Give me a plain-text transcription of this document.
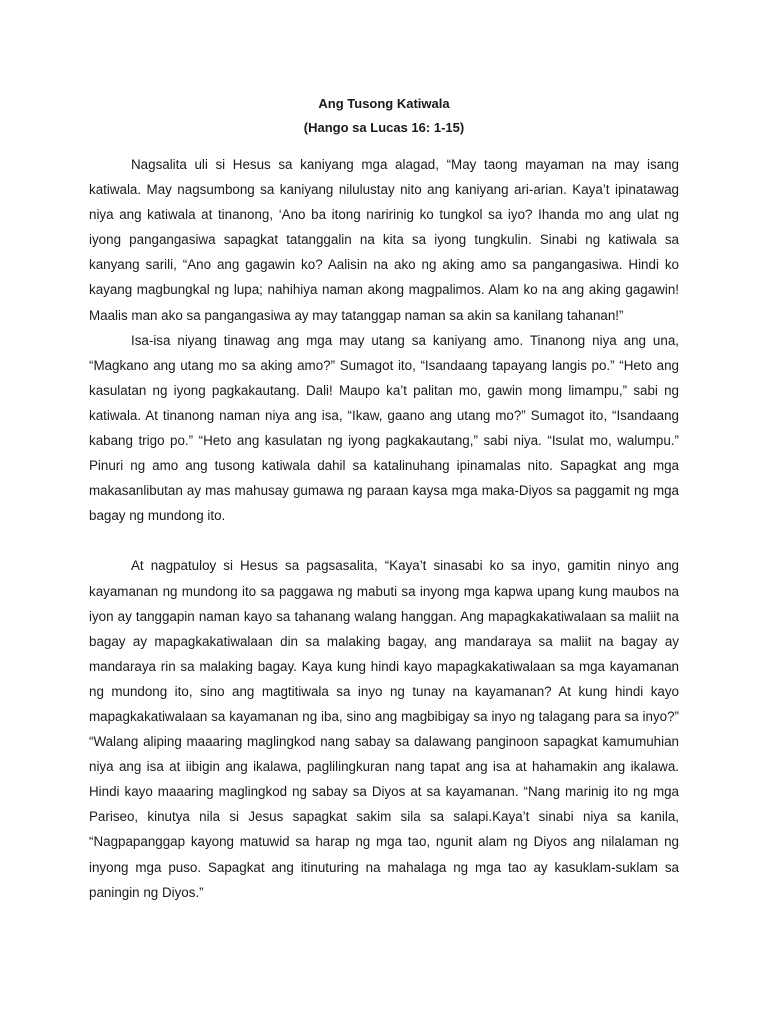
Ang Tusong Katiwala
(Hango sa Lucas 16: 1-15)

Nagsalita uli si Hesus sa kaniyang mga alagad, “May taong mayaman na may isang katiwala. May nagsumbong sa kaniyang nilulustay nito ang kaniyang ari-arian. Kaya’t ipinatawag niya ang katiwala at tinanong, ‘Ano ba itong naririnig ko tungkol sa iyo? Ihanda mo ang ulat ng iyong pangangasiwa sapagkat tatanggalin na kita sa iyong tungkulin. Sinabi ng katiwala sa kanyang sarili, “Ano ang gagawin ko? Aalisin na ako ng aking amo sa pangangasiwa. Hindi ko kayang magbungkal ng lupa; nahihiya naman akong magpalimos. Alam ko na ang aking gagawin! Maalis man ako sa pangangasiwa ay may tatanggap naman sa akin sa kanilang tahanan!”

Isa-isa niyang tinawag ang mga may utang sa kaniyang amo. Tinanong niya ang una, “Magkano ang utang mo sa aking amo?” Sumagot ito, “Isandaang tapayang langis po.” “Heto ang kasulatan ng iyong pagkakautang. Dali! Maupo ka’t palitan mo, gawin mong limampu,” sabi ng katiwala. At tinanong naman niya ang isa, “Ikaw, gaano ang utang mo?” Sumagot ito, “Isandaang kabang trigo po.” “Heto ang kasulatan ng iyong pagkakautang,” sabi niya. “Isulat mo, walumpu.” Pinuri ng amo ang tusong katiwala dahil sa katalinuhang ipinamalas nito. Sapagkat ang mga makasanlibutan ay mas mahusay gumawa ng paraan kaysa mga maka-Diyos sa paggamit ng mga bagay ng mundong ito.

At nagpatuloy si Hesus sa pagsasalita, “Kaya’t sinasabi ko sa inyo, gamitin ninyo ang kayamanan ng mundong ito sa paggawa ng mabuti sa inyong mga kapwa upang kung maubos na iyon ay tanggapin naman kayo sa tahanang walang hanggan. Ang mapagkakatiwalaan sa maliit na bagay ay mapagkakatiwalaan din sa malaking bagay, ang mandaraya sa maliit na bagay ay mandaraya rin sa malaking bagay. Kaya kung hindi kayo mapagkakatiwalaan sa mga kayamanan ng mundong ito, sino ang magtitiwala sa inyo ng tunay na kayamanan? At kung hindi kayo mapagkakatiwalaan sa kayamanan ng iba, sino ang magbibigay sa inyo ng talagang para sa inyo?” “Walang aliping maaaring maglingkod nang sabay sa dalawang panginoon sapagkat kamumuhian niya ang isa at iibigin ang ikalawa, paglilingkuran nang tapat ang isa at hahamakin ang ikalawa. Hindi kayo maaaring maglingkod ng sabay sa Diyos at sa kayamanan. “Nang marinig ito ng mga Pariseo, kinutya nila si Jesus sapagkat sakim sila sa salapi.Kaya’t sinabi niya sa kanila, “Nagpapanggap kayong matuwid sa harap ng mga tao, ngunit alam ng Diyos ang nilalaman ng inyong mga puso. Sapagkat ang itinuturing na mahalaga ng mga tao ay kasuklam-suklam sa paningin ng Diyos.”
